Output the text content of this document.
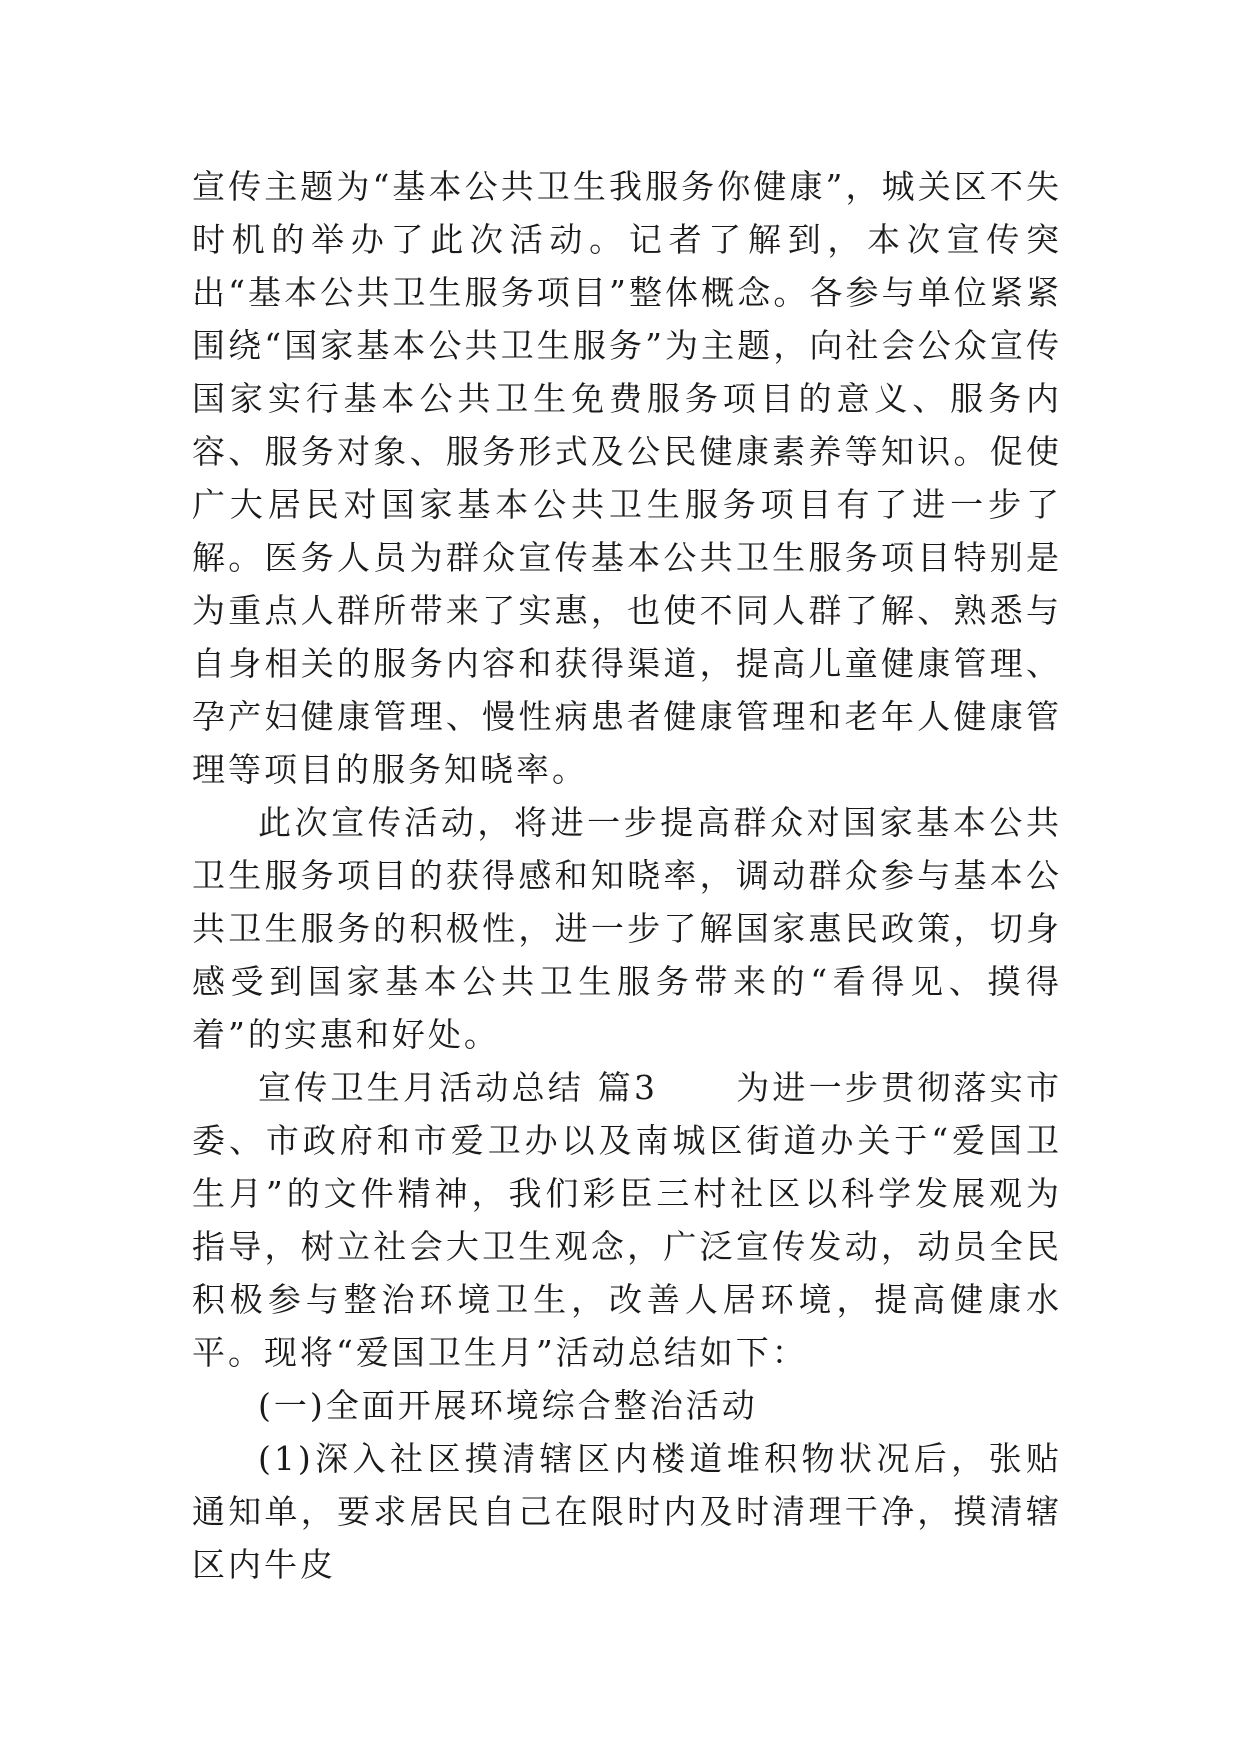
宣传主题为“基本公共卫生我服务你健康”，城关区不失时机的举办了此次活动。记者了解到，本次宣传突出“基本公共卫生服务项目”整体概念。各参与单位紧紧围绕“国家基本公共卫生服务”为主题，向社会公众宣传国家实行基本公共卫生免费服务项目的意义、服务内容、服务对象、服务形式及公民健康素养等知识。促使广大居民对国家基本公共卫生服务项目有了进一步了解。医务人员为群众宣传基本公共卫生服务项目特别是为重点人群所带来了实惠，也使不同人群了解、熟悉与自身相关的服务内容和获得渠道，提高儿童健康管理、孕产妇健康管理、慢性病患者健康管理和老年人健康管理等项目的服务知晓率。

此次宣传活动，将进一步提高群众对国家基本公共卫生服务项目的获得感和知晓率，调动群众参与基本公共卫生服务的积极性，进一步了解国家惠民政策，切身感受到国家基本公共卫生服务带来的“看得见、摸得着”的实惠和好处。

宣传卫生月活动总结 篇3 为进一步贯彻落实市委、市政府和市爱卫办以及南城区街道办关于“爱国卫生月”的文件精神，我们彩臣三村社区以科学发展观为指导，树立社会大卫生观念，广泛宣传发动，动员全民积极参与整治环境卫生，改善人居环境，提高健康水平。现将“爱国卫生月”活动总结如下：

(一)全面开展环境综合整治活动

(1)深入社区摸清辖区内楼道堆积物状况后，张贴通知单，要求居民自己在限时内及时清理干净，摸清辖区内牛皮
